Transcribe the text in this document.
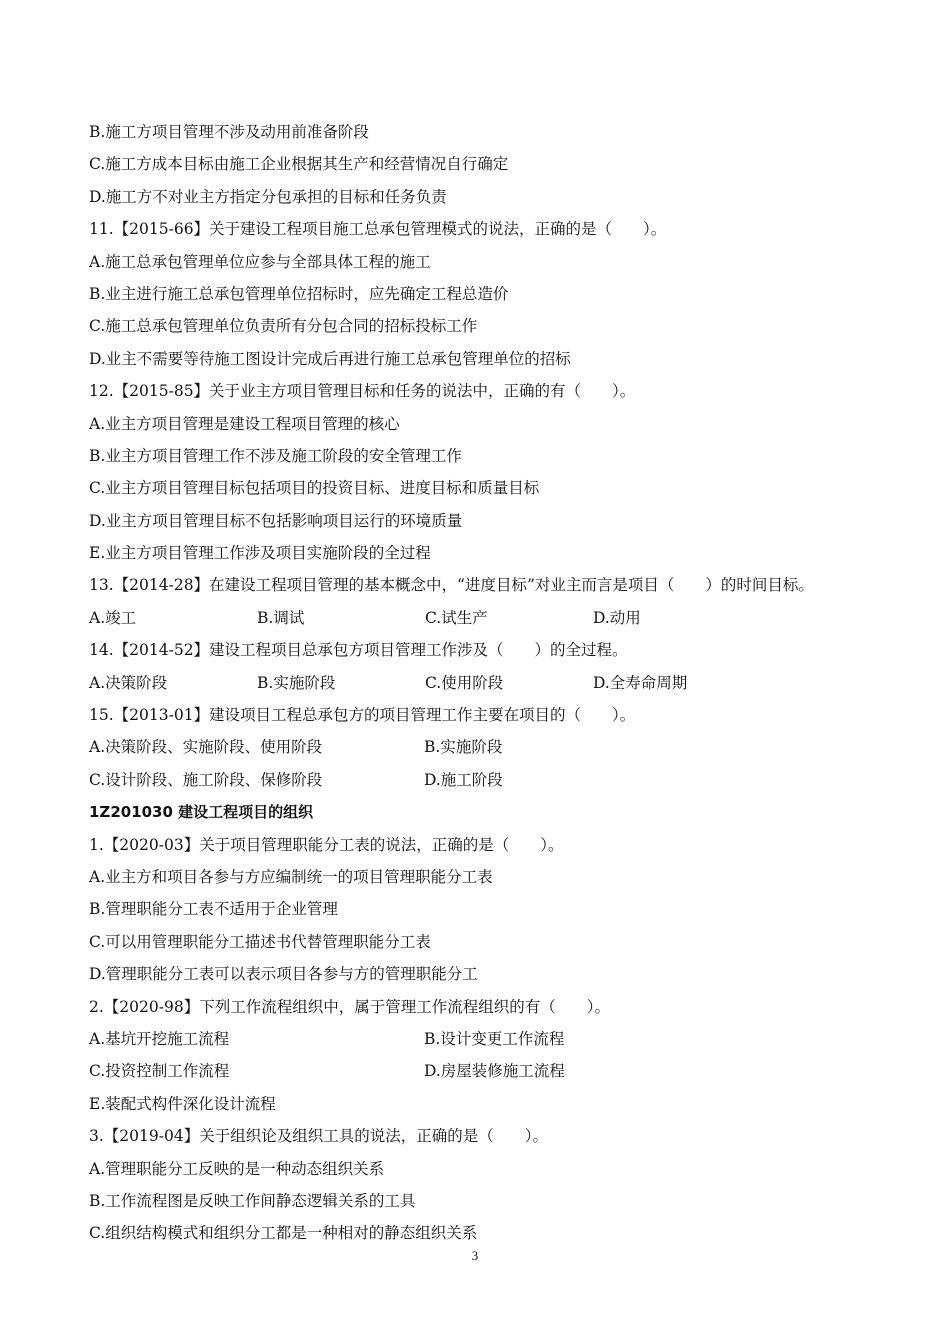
B.施工方项目管理不涉及动用前准备阶段
C.施工方成本目标由施工企业根据其生产和经营情况自行确定
D.施工方不对业主方指定分包承担的目标和任务负责
11.【2015-66】关于建设工程项目施工总承包管理模式的说法，正确的是（　　）。
A.施工总承包管理单位应参与全部具体工程的施工
B.业主进行施工总承包管理单位招标时，应先确定工程总造价
C.施工总承包管理单位负责所有分包合同的招标投标工作
D.业主不需要等待施工图设计完成后再进行施工总承包管理单位的招标
12.【2015-85】关于业主方项目管理目标和任务的说法中，正确的有（　　）。
A.业主方项目管理是建设工程项目管理的核心
B.业主方项目管理工作不涉及施工阶段的安全管理工作
C.业主方项目管理目标包括项目的投资目标、进度目标和质量目标
D.业主方项目管理目标不包括影响项目运行的环境质量
E.业主方项目管理工作涉及项目实施阶段的全过程
13.【2014-28】在建设工程项目管理的基本概念中，“进度目标”对业主而言是项目（　　）的时间目标。
A.竣工	B.调试	C.试生产	D.动用
14.【2014-52】建设工程项目总承包方项目管理工作涉及（　　）的全过程。
A.决策阶段	B.实施阶段	C.使用阶段	D.全寿命周期
15.【2013-01】建设项目工程总承包方的项目管理工作主要在项目的（　　）。
A.决策阶段、实施阶段、使用阶段	B.实施阶段
C.设计阶段、施工阶段、保修阶段	D.施工阶段
1Z201030 建设工程项目的组织
1.【2020-03】关于项目管理职能分工表的说法，正确的是（　　）。
A.业主方和项目各参与方应编制统一的项目管理职能分工表
B.管理职能分工表不适用于企业管理
C.可以用管理职能分工描述书代替管理职能分工表
D.管理职能分工表可以表示项目各参与方的管理职能分工
2.【2020-98】下列工作流程组织中，属于管理工作流程组织的有（　　）。
A.基坑开挖施工流程	B.设计变更工作流程
C.投资控制工作流程	D.房屋装修施工流程
E.装配式构件深化设计流程
3.【2019-04】关于组织论及组织工具的说法，正确的是（　　）。
A.管理职能分工反映的是一种动态组织关系
B.工作流程图是反映工作间静态逻辑关系的工具
C.组织结构模式和组织分工都是一种相对的静态组织关系
3
